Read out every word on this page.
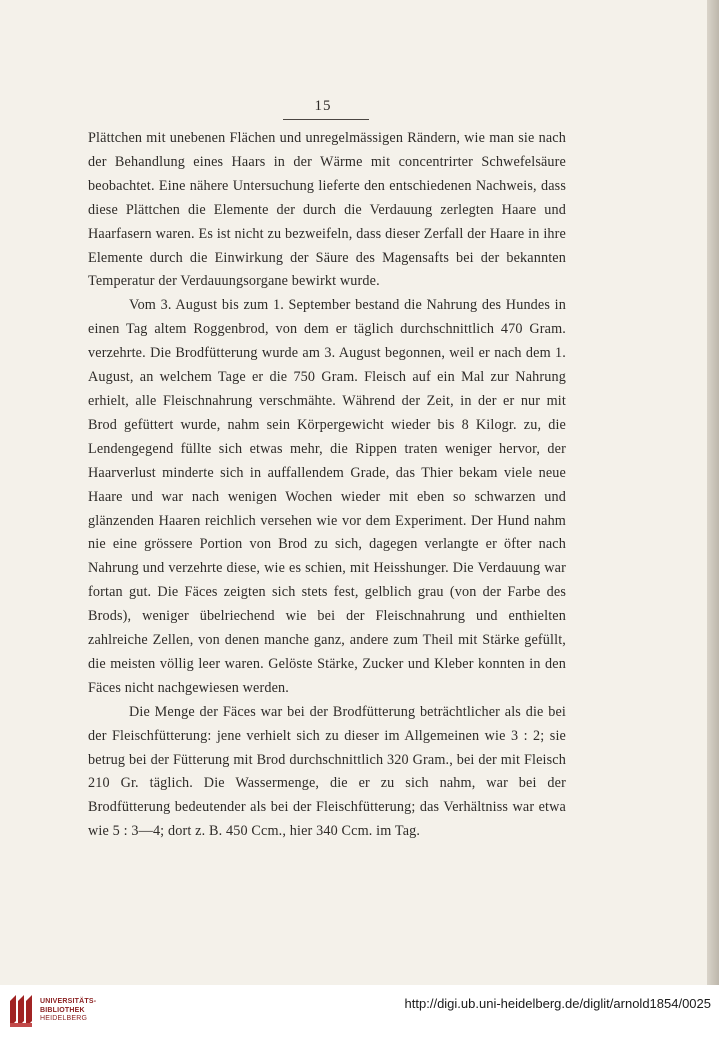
15

Plättchen mit unebenen Flächen und unregelmässigen Rändern, wie man sie nach der Behandlung eines Haars in der Wärme mit concentrirter Schwefelsäure beobachtet. Eine nähere Untersuchung lieferte den entschiedenen Nachweis, dass diese Plättchen die Elemente der durch die Verdauung zerlegten Haare und Haarfasern waren. Es ist nicht zu bezweifeln, dass dieser Zerfall der Haare in ihre Elemente durch die Einwirkung der Säure des Magensafts bei der bekannten Temperatur der Verdauungsorgane bewirkt wurde.

Vom 3. August bis zum 1. September bestand die Nahrung des Hundes in einen Tag altem Roggenbrod, von dem er täglich durchschnittlich 470 Gram. verzehrte. Die Brodfütterung wurde am 3. August begonnen, weil er nach dem 1. August, an welchem Tage er die 750 Gram. Fleisch auf ein Mal zur Nahrung erhielt, alle Fleischnahrung verschmähte. Während der Zeit, in der er nur mit Brod gefüttert wurde, nahm sein Körpergewicht wieder bis 8 Kilogr. zu, die Lendengegend füllte sich etwas mehr, die Rippen traten weniger hervor, der Haarverlust minderte sich in auffallendem Grade, das Thier bekam viele neue Haare und war nach wenigen Wochen wieder mit eben so schwarzen und glänzenden Haaren reichlich versehen wie vor dem Experiment. Der Hund nahm nie eine grössere Portion von Brod zu sich, dagegen verlangte er öfter nach Nahrung und verzehrte diese, wie es schien, mit Heisshunger. Die Verdauung war fortan gut. Die Fäces zeigten sich stets fest, gelblich grau (von der Farbe des Brods), weniger übelriechend wie bei der Fleischnahrung und enthielten zahlreiche Zellen, von denen manche ganz, andere zum Theil mit Stärke gefüllt, die meisten völlig leer waren. Gelöste Stärke, Zucker und Kleber konnten in den Fäces nicht nachgewiesen werden.

Die Menge der Fäces war bei der Brodfütterung beträchtlicher als die bei der Fleischfütterung: jene verhielt sich zu dieser im Allgemeinen wie 3 : 2; sie betrug bei der Fütterung mit Brod durchschnittlich 320 Gram., bei der mit Fleisch 210 Gr. täglich. Die Wassermenge, die er zu sich nahm, war bei der Brodfütterung bedeutender als bei der Fleischfütterung; das Verhältniss war etwa wie 5 : 3—4; dort z. B. 450 Ccm., hier 340 Ccm. im Tag.

UNIVERSITÄTS-
BIBLIOTHEK
HEIDELBERG
http://digi.ub.uni-heidelberg.de/diglit/arnold1854/0025
